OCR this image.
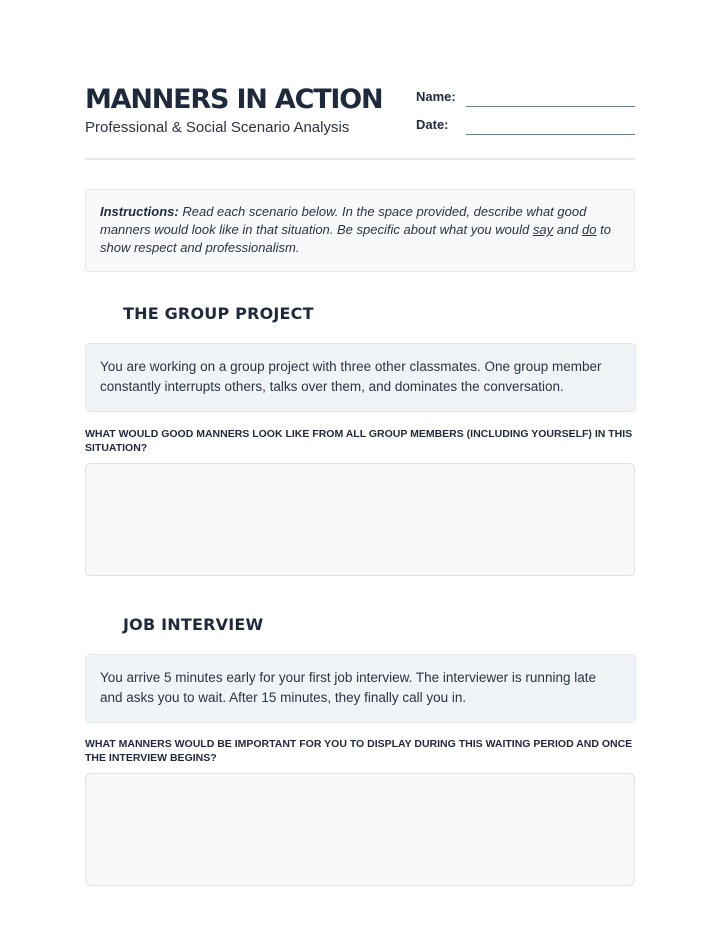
MANNERS IN ACTION
Professional & Social Scenario Analysis
Name:
Date:
Instructions: Read each scenario below. In the space provided, describe what good manners would look like in that situation. Be specific about what you would say and do to show respect and professionalism.
THE GROUP PROJECT
You are working on a group project with three other classmates. One group member constantly interrupts others, talks over them, and dominates the conversation.
WHAT WOULD GOOD MANNERS LOOK LIKE FROM ALL GROUP MEMBERS (INCLUDING YOURSELF) IN THIS SITUATION?
JOB INTERVIEW
You arrive 5 minutes early for your first job interview. The interviewer is running late and asks you to wait. After 15 minutes, they finally call you in.
WHAT MANNERS WOULD BE IMPORTANT FOR YOU TO DISPLAY DURING THIS WAITING PERIOD AND ONCE THE INTERVIEW BEGINS?
